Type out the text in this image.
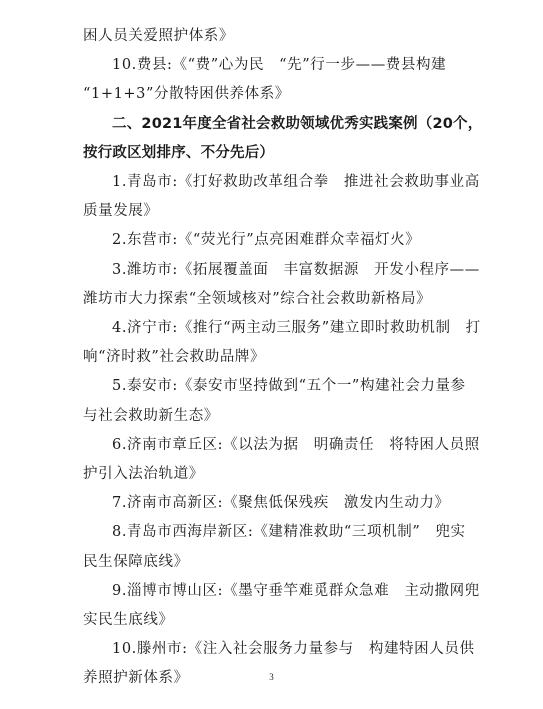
困人员关爱照护体系》
10.费县:《“费”心为民　“先”行一步——费县构建
“1+1+3”分散特困供养体系》
二、2021年度全省社会救助领域优秀实践案例（20个，
按行政区划排序、不分先后）
1.青岛市:《打好救助改革组合拳　推进社会救助事业高
质量发展》
2.东营市:《“荧光行”点亮困难群众幸福灯火》
3.潍坊市:《拓展覆盖面　丰富数据源　开发小程序——
潍坊市大力探索“全领域核对”综合社会救助新格局》
4.济宁市:《推行“两主动三服务”建立即时救助机制　打
响“济时救”社会救助品牌》
5.泰安市:《泰安市坚持做到“五个一”构建社会力量参
与社会救助新生态》
6.济南市章丘区:《以法为据　明确责任　将特困人员照
护引入法治轨道》
7.济南市高新区:《聚焦低保残疾　激发内生动力》
8.青岛市西海岸新区:《建精准救助“三项机制”　兜实
民生保障底线》
9.淄博市博山区:《墨守垂竿难觅群众急难　主动撒网兜
实民生底线》
10.滕州市:《注入社会服务力量参与　构建特困人员供
养照护新体系》	3
